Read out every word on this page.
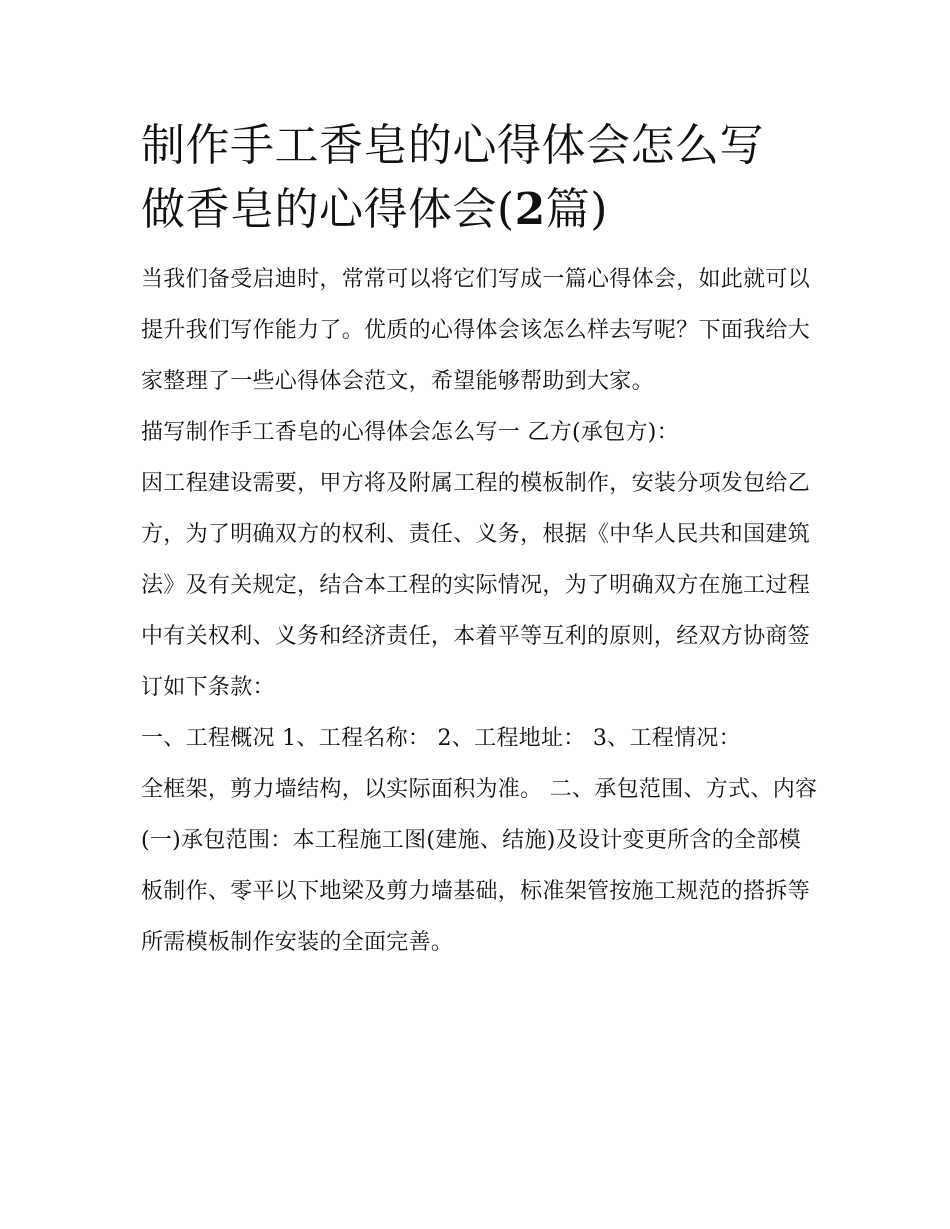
制作手工香皂的心得体会怎么写 做香皂的心得体会(2篇)

当我们备受启迪时，常常可以将它们写成一篇心得体会，如此就可以提升我们写作能力了。优质的心得体会该怎么样去写呢？下面我给大家整理了一些心得体会范文，希望能够帮助到大家。

描写制作手工香皂的心得体会怎么写一 乙方(承包方)：

因工程建设需要，甲方将及附属工程的模板制作，安装分项发包给乙方，为了明确双方的权利、责任、义务，根据《中华人民共和国建筑法》及有关规定，结合本工程的实际情况，为了明确双方在施工过程中有关权利、义务和经济责任，本着平等互利的原则，经双方协商签订如下条款：

一、工程概况 1、工程名称： 2、工程地址： 3、工程情况：

全框架，剪力墙结构，以实际面积为准。 二、承包范围、方式、内容

(一)承包范围：本工程施工图(建施、结施)及设计变更所含的全部模板制作、零平以下地梁及剪力墙基础，标准架管按施工规范的搭拆等所需模板制作安装的全面完善。
